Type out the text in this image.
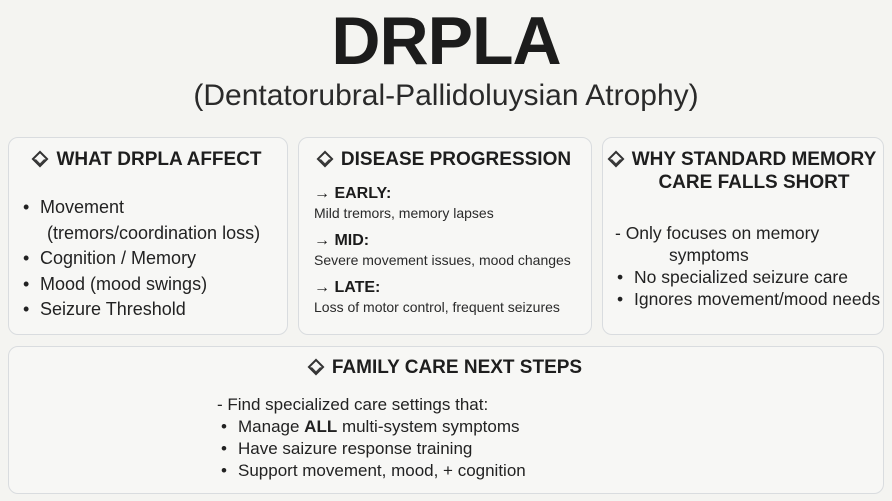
DRPLA
(Dentatorubral-Pallidoluysian Atrophy)
WHAT DRPLA AFFECT
• Movement
(tremors/coordination loss)
• Cognition / Memory
• Mood (mood swings)
• Seizure Threshold
DISEASE PROGRESSION
→ EARLY:
Mild tremors, memory lapses
→ MID:
Severe movement issues, mood changes
→ LATE:
Loss of motor control, frequent seizures
WHY STANDARD MEMORY
CARE FALLS SHORT
- Only focuses on memory
symptoms
• No specialized seizure care
• Ignores movement/mood needs
FAMILY CARE NEXT STEPS
- Find specialized care settings that:
• Manage ALL multi-system symptoms
• Have saizure response training
• Support movement, mood, + cognition
